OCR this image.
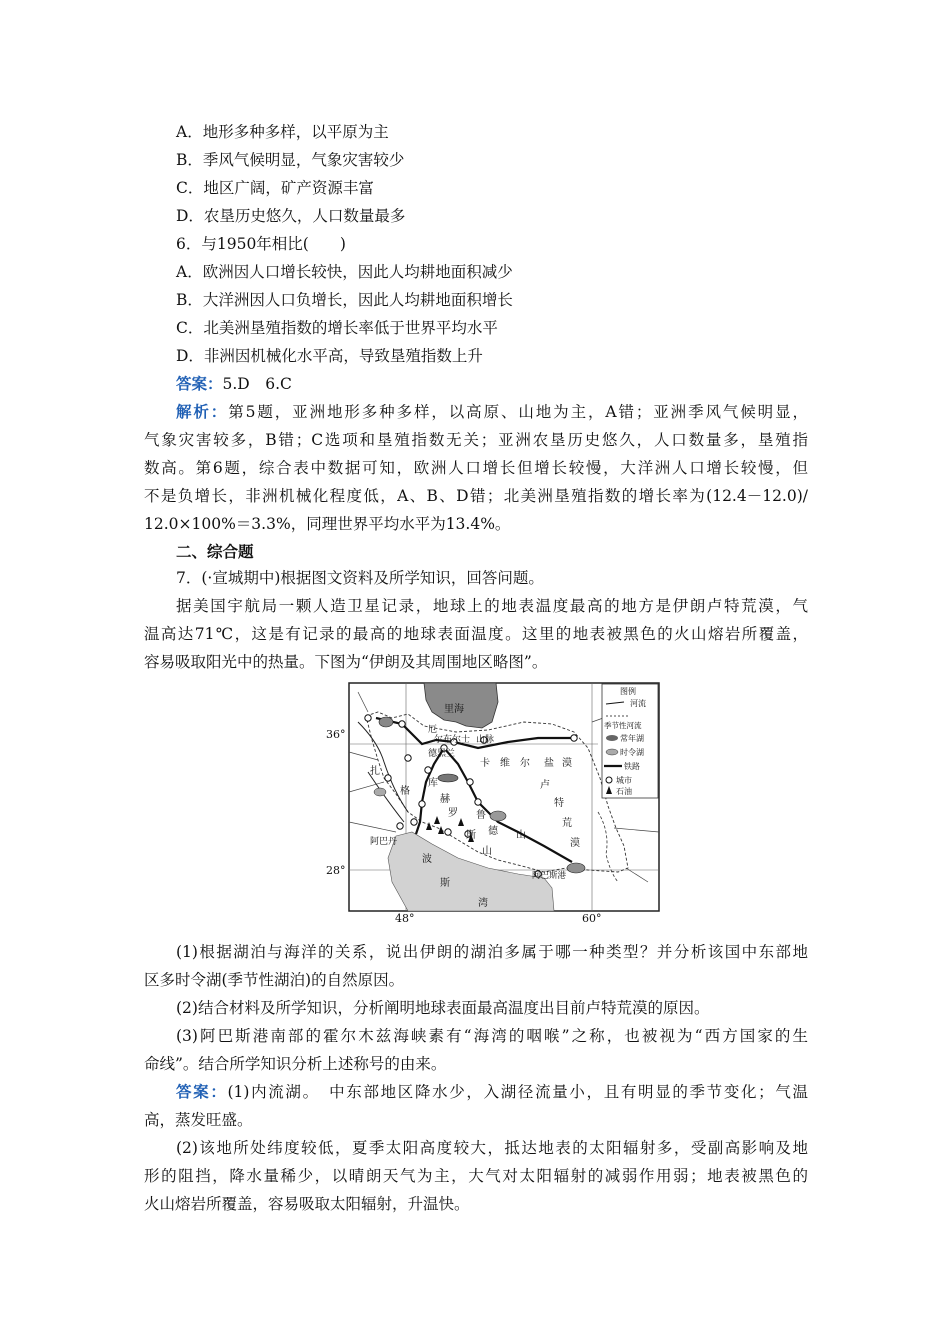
A．地形多种多样，以平原为主
B．季风气候明显，气象灾害较少
C．地区广阔，矿产资源丰富
D．农垦历史悠久，人口数量最多
6．与1950年相比(　　)
A．欧洲因人口增长较快，因此人均耕地面积减少
B．大洋洲因人口负增长，因此人均耕地面积增长
C．北美洲垦殖指数的增长率低于世界平均水平
D．非洲因机械化水平高，导致垦殖指数上升
答案：5.D　6.C
解析：第5题，亚洲地形多种多样，以高原、山地为主，A错；亚洲季风气候明显，
气象灾害较多，B错；C选项和垦殖指数无关；亚洲农垦历史悠久，人口数量多，垦殖指
数高。第6题，综合表中数据可知，欧洲人口增长但增长较慢，大洋洲人口增长较慢，但
不是负增长，非洲机械化程度低，A、B、D错；北美洲垦殖指数的增长率为(12.4－12.0)/
12.0×100%＝3.3%，同理世界平均水平为13.4%。
二、综合题
7．(·宣城期中)根据图文资料及所学知识，回答问题。
据美国宇航局一颗人造卫星记录，地球上的地表温度最高的地方是伊朗卢特荒漠，气
温高达71℃，这是有记录的最高的地球表面温度。这里的地表被黑色的火山熔岩所覆盖，
容易吸取阳光中的热量。下图为“伊朗及其周围地区略图”。
里海
厄
尔布尔士 山脉
德黑兰
卡 维 尔 盐 漠
卢
特
荒
漠
扎
格
罗
斯
山
库
赫
鲁
德 山
阿巴丹
波
斯
湾
阿巴斯港
图例
河流
季节性河流
常年湖
时令湖
铁路
城市
石油
36°
28°
48°	60°
(1)根据湖泊与海洋的关系，说出伊朗的湖泊多属于哪一种类型？并分析该国中东部地
区多时令湖(季节性湖泊)的自然原因。
(2)结合材料及所学知识，分析阐明地球表面最高温度出目前卢特荒漠的原因。
(3)阿巴斯港南部的霍尔木兹海峡素有“海湾的咽喉”之称，也被视为“西方国家的生
命线”。结合所学知识分析上述称号的由来。
答案：(1)内流湖。　中东部地区降水少，入湖径流量小，且有明显的季节变化；气温
高，蒸发旺盛。
(2)该地所处纬度较低，夏季太阳高度较大，抵达地表的太阳辐射多，受副高影响及地
形的阻挡，降水量稀少，以晴朗天气为主，大气对太阳辐射的减弱作用弱；地表被黑色的
火山熔岩所覆盖，容易吸取太阳辐射，升温快。
